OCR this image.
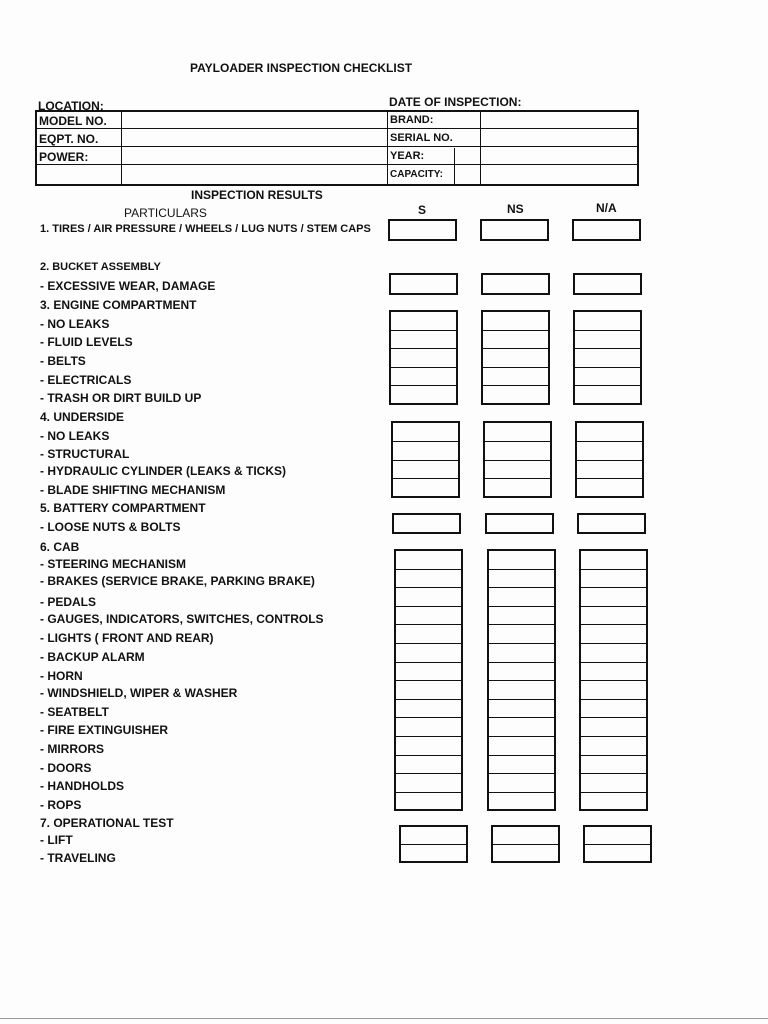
PAYLOADER INSPECTION CHECKLIST
LOCATION:	DATE OF INSPECTION:
MODEL NO.
EQPT. NO.
POWER:
BRAND:
SERIAL NO.
YEAR:
CAPACITY:
INSPECTION RESULTS
PARTICULARS	S	NS	N/A
1. TIRES / AIR PRESSURE / WHEELS / LUG NUTS / STEM CAPS
2. BUCKET ASSEMBLY
- EXCESSIVE WEAR, DAMAGE
3. ENGINE COMPARTMENT
- NO LEAKS
- FLUID LEVELS
- BELTS
- ELECTRICALS
- TRASH OR DIRT BUILD UP
4. UNDERSIDE
- NO LEAKS
- STRUCTURAL
- HYDRAULIC CYLINDER (LEAKS & TICKS)
- BLADE SHIFTING MECHANISM
5. BATTERY COMPARTMENT
- LOOSE NUTS & BOLTS
6. CAB
- STEERING MECHANISM
- BRAKES (SERVICE BRAKE, PARKING BRAKE)
- PEDALS
- GAUGES, INDICATORS, SWITCHES, CONTROLS
- LIGHTS ( FRONT AND REAR)
- BACKUP ALARM
- HORN
- WINDSHIELD, WIPER & WASHER
- SEATBELT
- FIRE EXTINGUISHER
- MIRRORS
- DOORS
- HANDHOLDS
- ROPS
7. OPERATIONAL TEST
- LIFT
- TRAVELING
